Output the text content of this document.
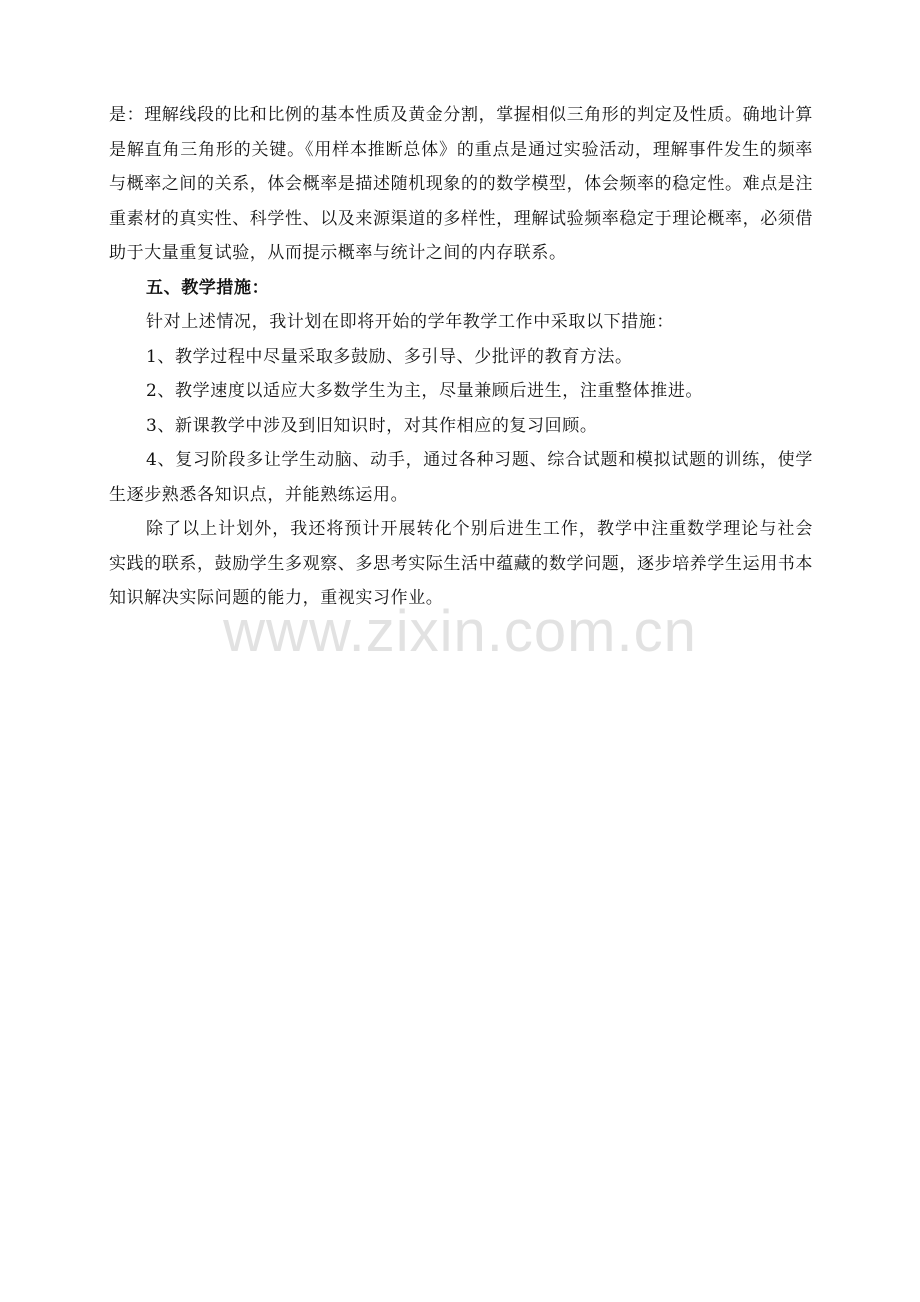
是：理解线段的比和比例的基本性质及黄金分割，掌握相似三角形的判定及性质。确地计算是解直角三角形的关键。《用样本推断总体》的重点是通过实验活动，理解事件发生的频率与概率之间的关系，体会概率是描述随机现象的的数学模型，体会频率的稳定性。难点是注重素材的真实性、科学性、以及来源渠道的多样性，理解试验频率稳定于理论概率，必须借助于大量重复试验，从而提示概率与统计之间的内存联系。

五、教学措施：

针对上述情况，我计划在即将开始的学年教学工作中采取以下措施：

1、教学过程中尽量采取多鼓励、多引导、少批评的教育方法。

2、教学速度以适应大多数学生为主，尽量兼顾后进生，注重整体推进。

3、新课教学中涉及到旧知识时，对其作相应的复习回顾。

4、复习阶段多让学生动脑、动手，通过各种习题、综合试题和模拟试题的训练，使学生逐步熟悉各知识点，并能熟练运用。

除了以上计划外，我还将预计开展转化个别后进生工作，教学中注重数学理论与社会实践的联系，鼓励学生多观察、多思考实际生活中蕴藏的数学问题，逐步培养学生运用书本知识解决实际问题的能力，重视实习作业。

www.zixin.com.cn
